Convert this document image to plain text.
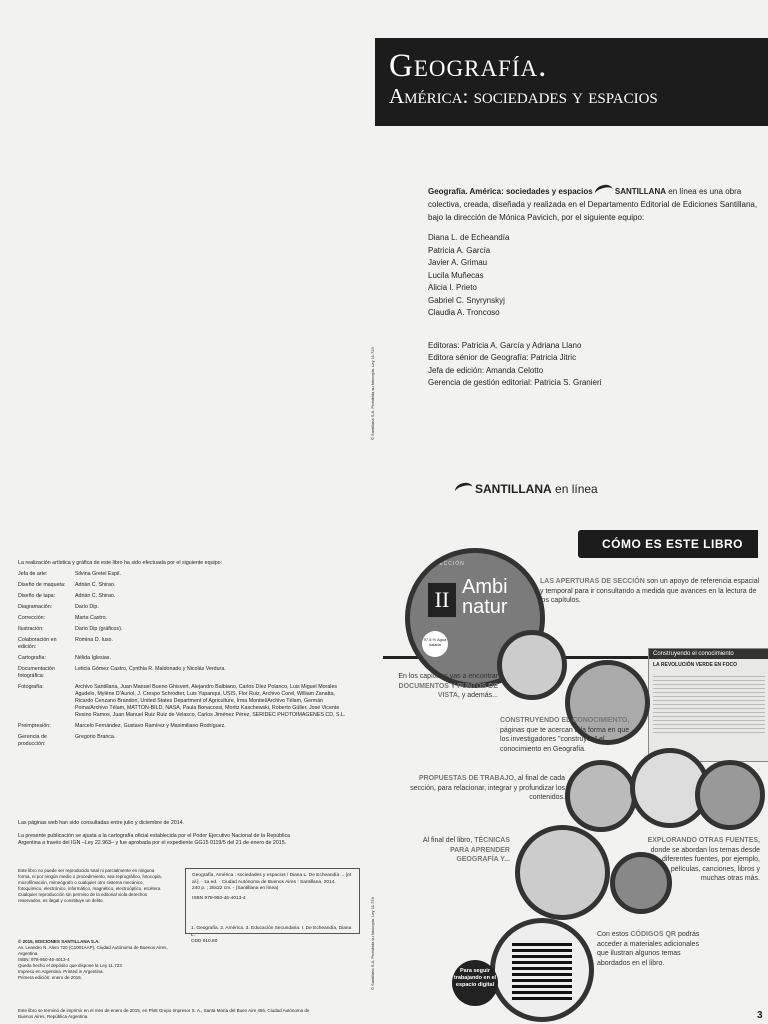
Geografía.
América: sociedades y espacios

Geografía. América: sociedades y espacios	SANTILLANA en línea es una obra colectiva, creada, diseñada y realizada en el Departamento Editorial de Ediciones Santillana, bajo la dirección de Mónica Pavicich, por el siguiente equipo:

Diana L. de Echeandía
Patricia A. García
Javier A. Grimau
Lucila Muñecas
Alicia I. Prieto
Gabriel C. Snyrynskyj
Claudia A. Troncoso
Editoras: Patricia A. García y Adriana Llano
Editora sénior de Geografía: Patricia Jitric
Jefa de edición: Amanda Celotto
Gerencia de gestión editorial: Patricia S. Granieri
© Santillana S.A. Prohibida su fotocopia. Ley 11.723
SANTILLANA en línea
La realización artística y gráfica de este libro ha sido efectuada por el siguiente equipo:
Jefa de arte:	Silvina Gretel Espil.
Diseño de maqueta:	Adrián C. Shirao.
Diseño de tapa:	Adrián C. Shirao.
Diagramación:	Darío Dip.
Corrección:	Marta Castro.
Ilustración:	Darío Dip (gráficos).
Colaboración en edición:
Romina D. Iuso.
Cartografía:	Nélida Iglesias.
Documentación fotográfica:
Leticia Gómez Castro, Cynthia R. Maldonado y Nicolás Verdura.
Fotografía:	Archivo Santillana, Juan Manuel Bueno Ghisvert, Alejandro Balbiano, Carlos Díez Polanco, Luis Miguel Morales Agudelo, Mylène D'Auriol, J. Crespo Schrodter, Luis Yupanqui, USIS, Flor Ruiz, Archivo Corel, William Zanatta, Ricardo Cenzano Brandon, United States Department of Agriculture, Irma Montiel/Archivo Télam, Germán Poma/Archivo Télam, MATTON-BILD, NASA, Paula Bonacossi, Moritz Kaschewski, Roberto Güller, José Vicente Resino Ramos, Juan Manuel Ruiz Ruiz de Velasco, Carlos Jiménez Pérez, SERIDEC PHOTOIMAGENES CD, S.L.
Preimpresión:	Marcelo Fernández, Gustavo Ramírez y Maximiliano Rodríguez.
Gerencia de producción:
Gregorio Branca.

Las páginas web han sido consultadas entre julio y diciembre de 2014.

La presente publicación se ajusta a la cartografía oficial establecida por el Poder Ejecutivo Nacional de la República Argentina a través del IGN –Ley 22.963– y fue aprobada por el expediente GG15 0119/5 del 21 de enero de 2015.

Este libro no puede ser reproducido total ni parcialmente en ninguna forma, ni por ningún medio o procedimiento, sea reprográfico, fotocopia, microfilmación, mimeógrafo o cualquier otro sistema mecánico, fotoquímico, electrónico, informático, magnético, electroóptico, etcétera. Cualquier reproducción sin permiso de la editorial viola derechos reservados, es ilegal y constituye un delito.
© 2015, EDICIONES SANTILLANA S.A.
Av. Leandro N. Alem 720 (C1001AAP), Ciudad Autónoma de Buenos Aires, Argentina.
ISBN: 978-950-46-4013-4
Queda hecho el depósito que dispone la Ley 11.723
Impreso en Argentina. Printed in Argentina.
Primera edición: enero de 2015.
Geografía, América : sociedades y espacios / Diana L. De Echeandía ... [et al.]. - 1a ed. - Ciudad Autónoma de Buenos Aires : Santillana, 2014.
240 p. ; 28x22 cm. - (Santillana en línea)
ISBN 978-950-46-4013-4
1. Geografía. 2. América. 3. Educación Secundaria. I. De Echeandía, Diana L.
CDD 910.80
Este libro se terminó de imprimir en el mes de enero de 2015, en Plott Grupo Impresor S. A., Santa María del Buen Aire 456, Ciudad Autónoma de Buenos Aires, República Argentina.
© Santillana S.A. Prohibida su fotocopia. Ley 11.723
CÓMO ES ESTE LIBRO
SECCIÓN
II Ambi
natur
97,5 % Agua salada
LAS APERTURAS DE SECCIÓN son un apoyo de referencia espacial y temporal para ir consultando a medida que avances en la lectura de los capítulos.
Construyendo el conocimiento
LA REVOLUCIÓN VERDE EN FOCO
En los capítulos vas a encontrar DOCUMENTOS Y PUNTOS DE VISTA, y además...
CONSTRUYENDO EL CONOCIMIENTO, páginas que te acercan a la forma en que los investigadores "construyen" el conocimiento en Geografía.
PROPUESTAS DE TRABAJO, al final de cada sección, para relacionar, integrar y profundizar los contenidos.
Al final del libro, TÉCNICAS PARA APRENDER GEOGRAFÍA Y...
EXPLORANDO OTRAS FUENTES, donde se abordan los temas desde diferentes fuentes, por ejemplo, películas, canciones, libros y muchas otras más.
Para seguir trabajando en el espacio digital
Con estos CÓDIGOS QR podrás acceder a materiales adicionales que ilustran algunos temas abordados en el libro.
3
